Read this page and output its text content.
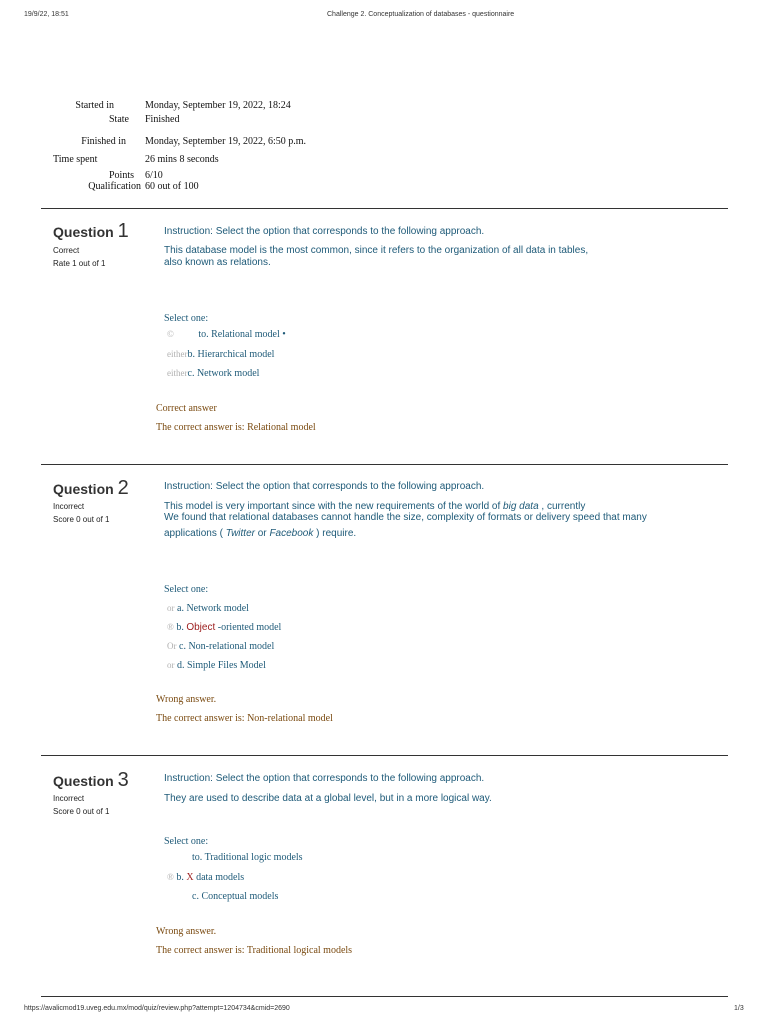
19/9/22, 18:51	Challenge 2. Conceptualization of databases - questionnaire
Started in	Monday, September 19, 2022, 18:24
State Finished
Finished in Monday, September 19, 2022, 6:50 p.m.
Time spent	26 mins 8 seconds
Points 6/10
Qualification 60 out of 100
Question 1
Correct
Rate 1 out of 1
Instruction: Select the option that corresponds to the following approach.
This database model is the most common, since it refers to the organization of all data in tables, also known as relations.
Select one:
© to. Relational model •
eitherb. Hierarchical model
eitherc. Network model
Correct answer
The correct answer is: Relational model
Question 2
Incorrect
Score 0 out of 1
Instruction: Select the option that corresponds to the following approach.
This model is very important since with the new requirements of the world of big data , currently
We found that relational databases cannot handle the size, complexity of formats or delivery speed that many
applications ( Twitter or Facebook ) require.
Select one:
or a. Network model
® b. Object -oriented model
Or c. Non-relational model
or d. Simple Files Model
Wrong answer.
The correct answer is: Non-relational model
Question 3
Incorrect
Score 0 out of 1
Instruction: Select the option that corresponds to the following approach.
They are used to describe data at a global level, but in a more logical way.
Select one:
to. Traditional logic models
® b. X data models
c. Conceptual models
Wrong answer.
The correct answer is: Traditional logical models
https://avalicmod19.uveg.edu.mx/mod/quiz/review.php?attempt=1204734&cmid=2690	1/3
